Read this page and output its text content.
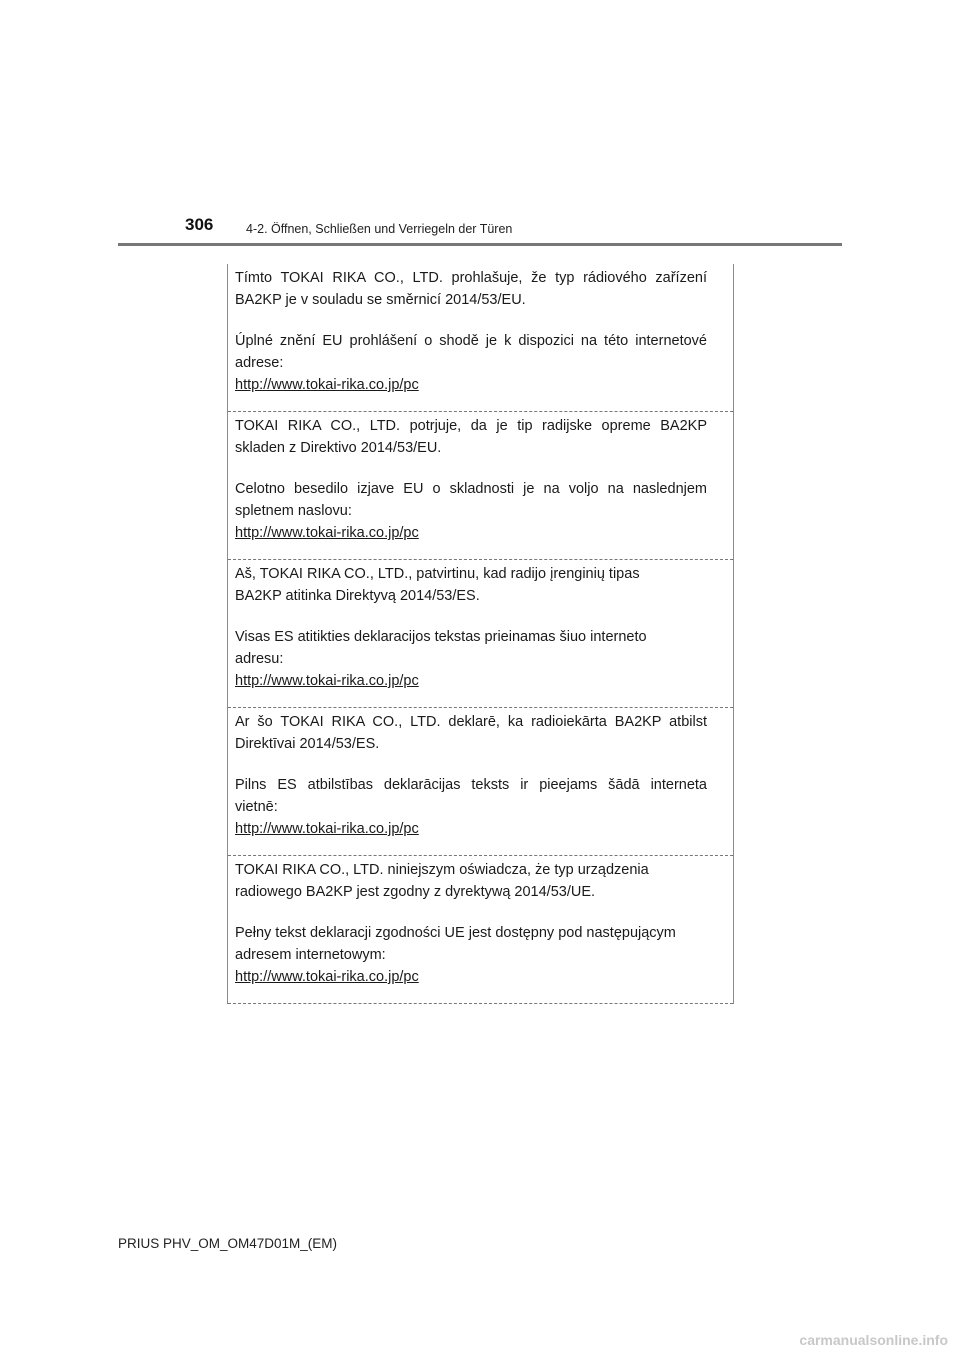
306	4-2. Öffnen, Schließen und Verriegeln der Türen

Tímto TOKAI RIKA CO., LTD. prohlašuje, že typ rádiového zařízení

BA2KP je v souladu se směrnicí 2014/53/EU.

Úplné znění EU prohlášení o shodě je k dispozici na této internetové

adrese:

http://www.tokai-rika.co.jp/pc

TOKAI RIKA CO., LTD. potrjuje, da je tip radijske opreme BA2KP

skladen z Direktivo 2014/53/EU.

Celotno besedilo izjave EU o skladnosti je na voljo na naslednjem

spletnem naslovu:

http://www.tokai-rika.co.jp/pc

Aš, TOKAI RIKA CO., LTD., patvirtinu, kad radijo įrenginių tipas

BA2KP atitinka Direktyvą 2014/53/ES.

Visas ES atitikties deklaracijos tekstas prieinamas šiuo interneto

adresu:

http://www.tokai-rika.co.jp/pc

Ar šo TOKAI RIKA CO., LTD. deklarē, ka radioiekārta BA2KP atbilst

Direktīvai 2014/53/ES.

Pilns ES atbilstības deklarācijas teksts ir pieejams šādā interneta

vietnē:

http://www.tokai-rika.co.jp/pc

TOKAI RIKA CO., LTD. niniejszym oświadcza, że typ urządzenia

radiowego BA2KP jest zgodny z dyrektywą 2014/53/UE.

Pełny tekst deklaracji zgodności UE jest dostępny pod następującym

adresem internetowym:

http://www.tokai-rika.co.jp/pc

PRIUS PHV_OM_OM47D01M_(EM)
carmanualsonline.info
